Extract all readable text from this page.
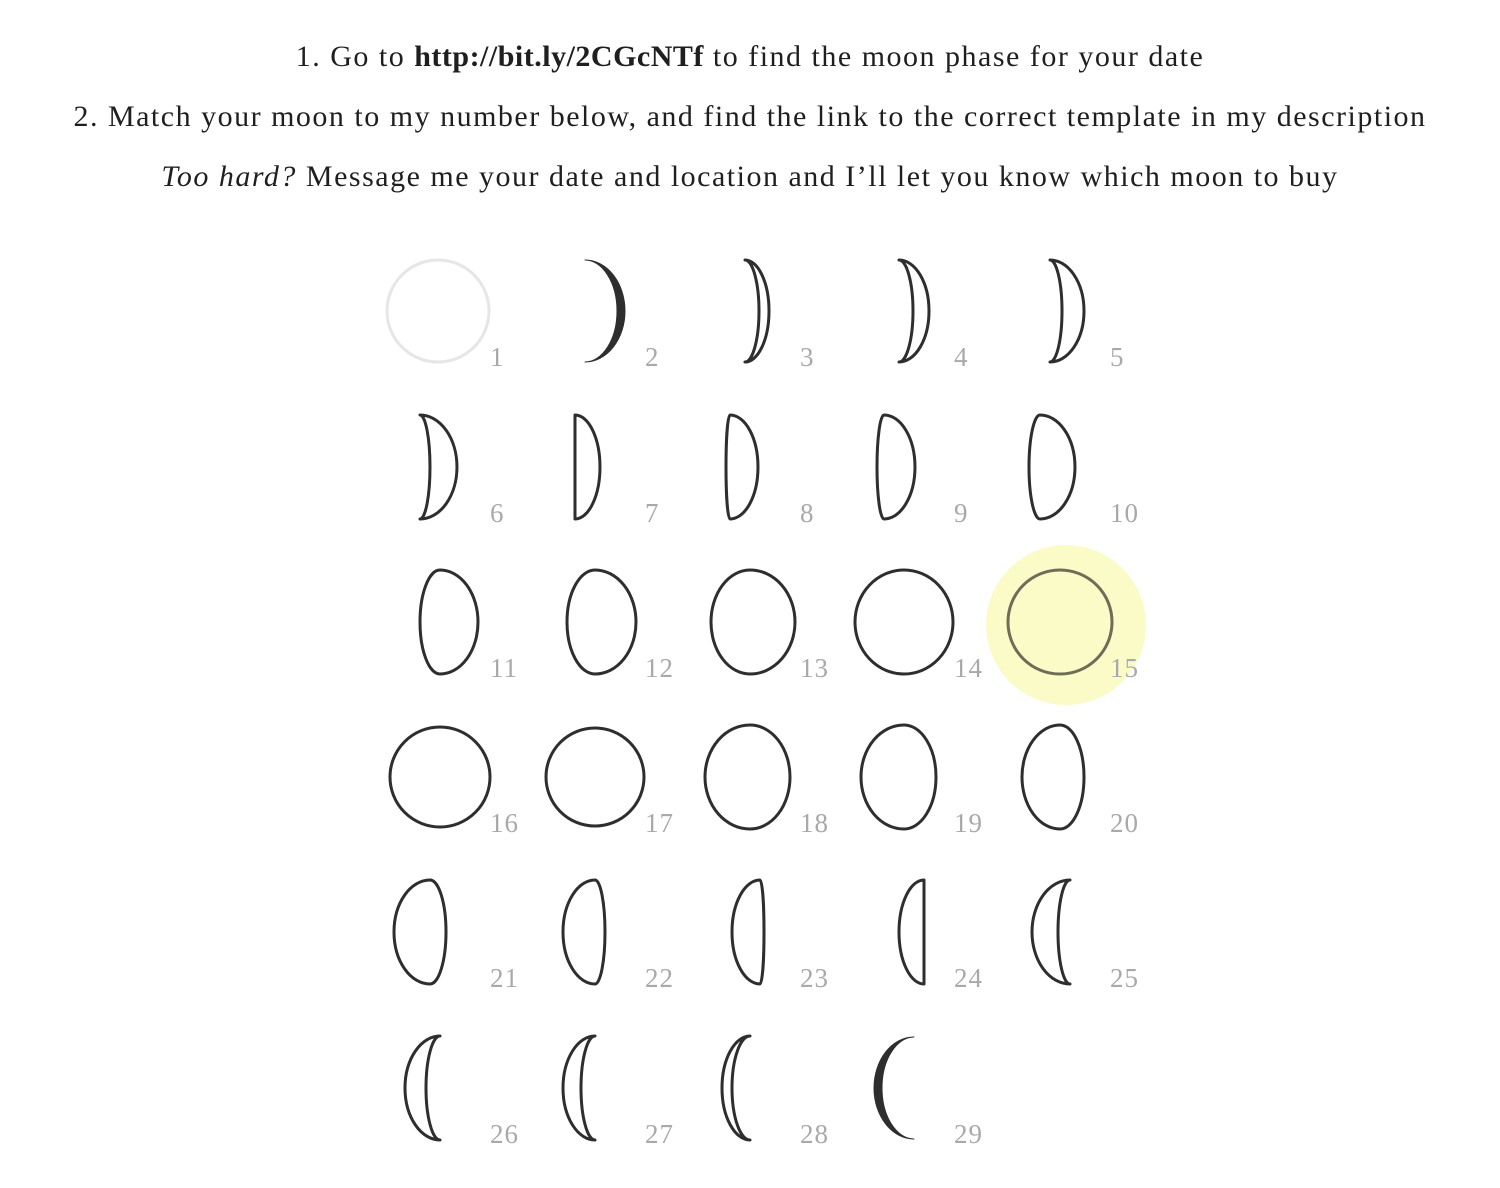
1. Go to http://bit.ly/2CGcNTf to find the moon phase for your date
2. Match your moon to my number below, and find the link to the correct template in my description
Too hard? Message me your date and location and I’ll let you know which moon to buy
1	2	3	4	5
6	7	8	9	10
11	12	13	14	15
16	17	18	19	20
21	22	23	24	25
26	27	28	29
